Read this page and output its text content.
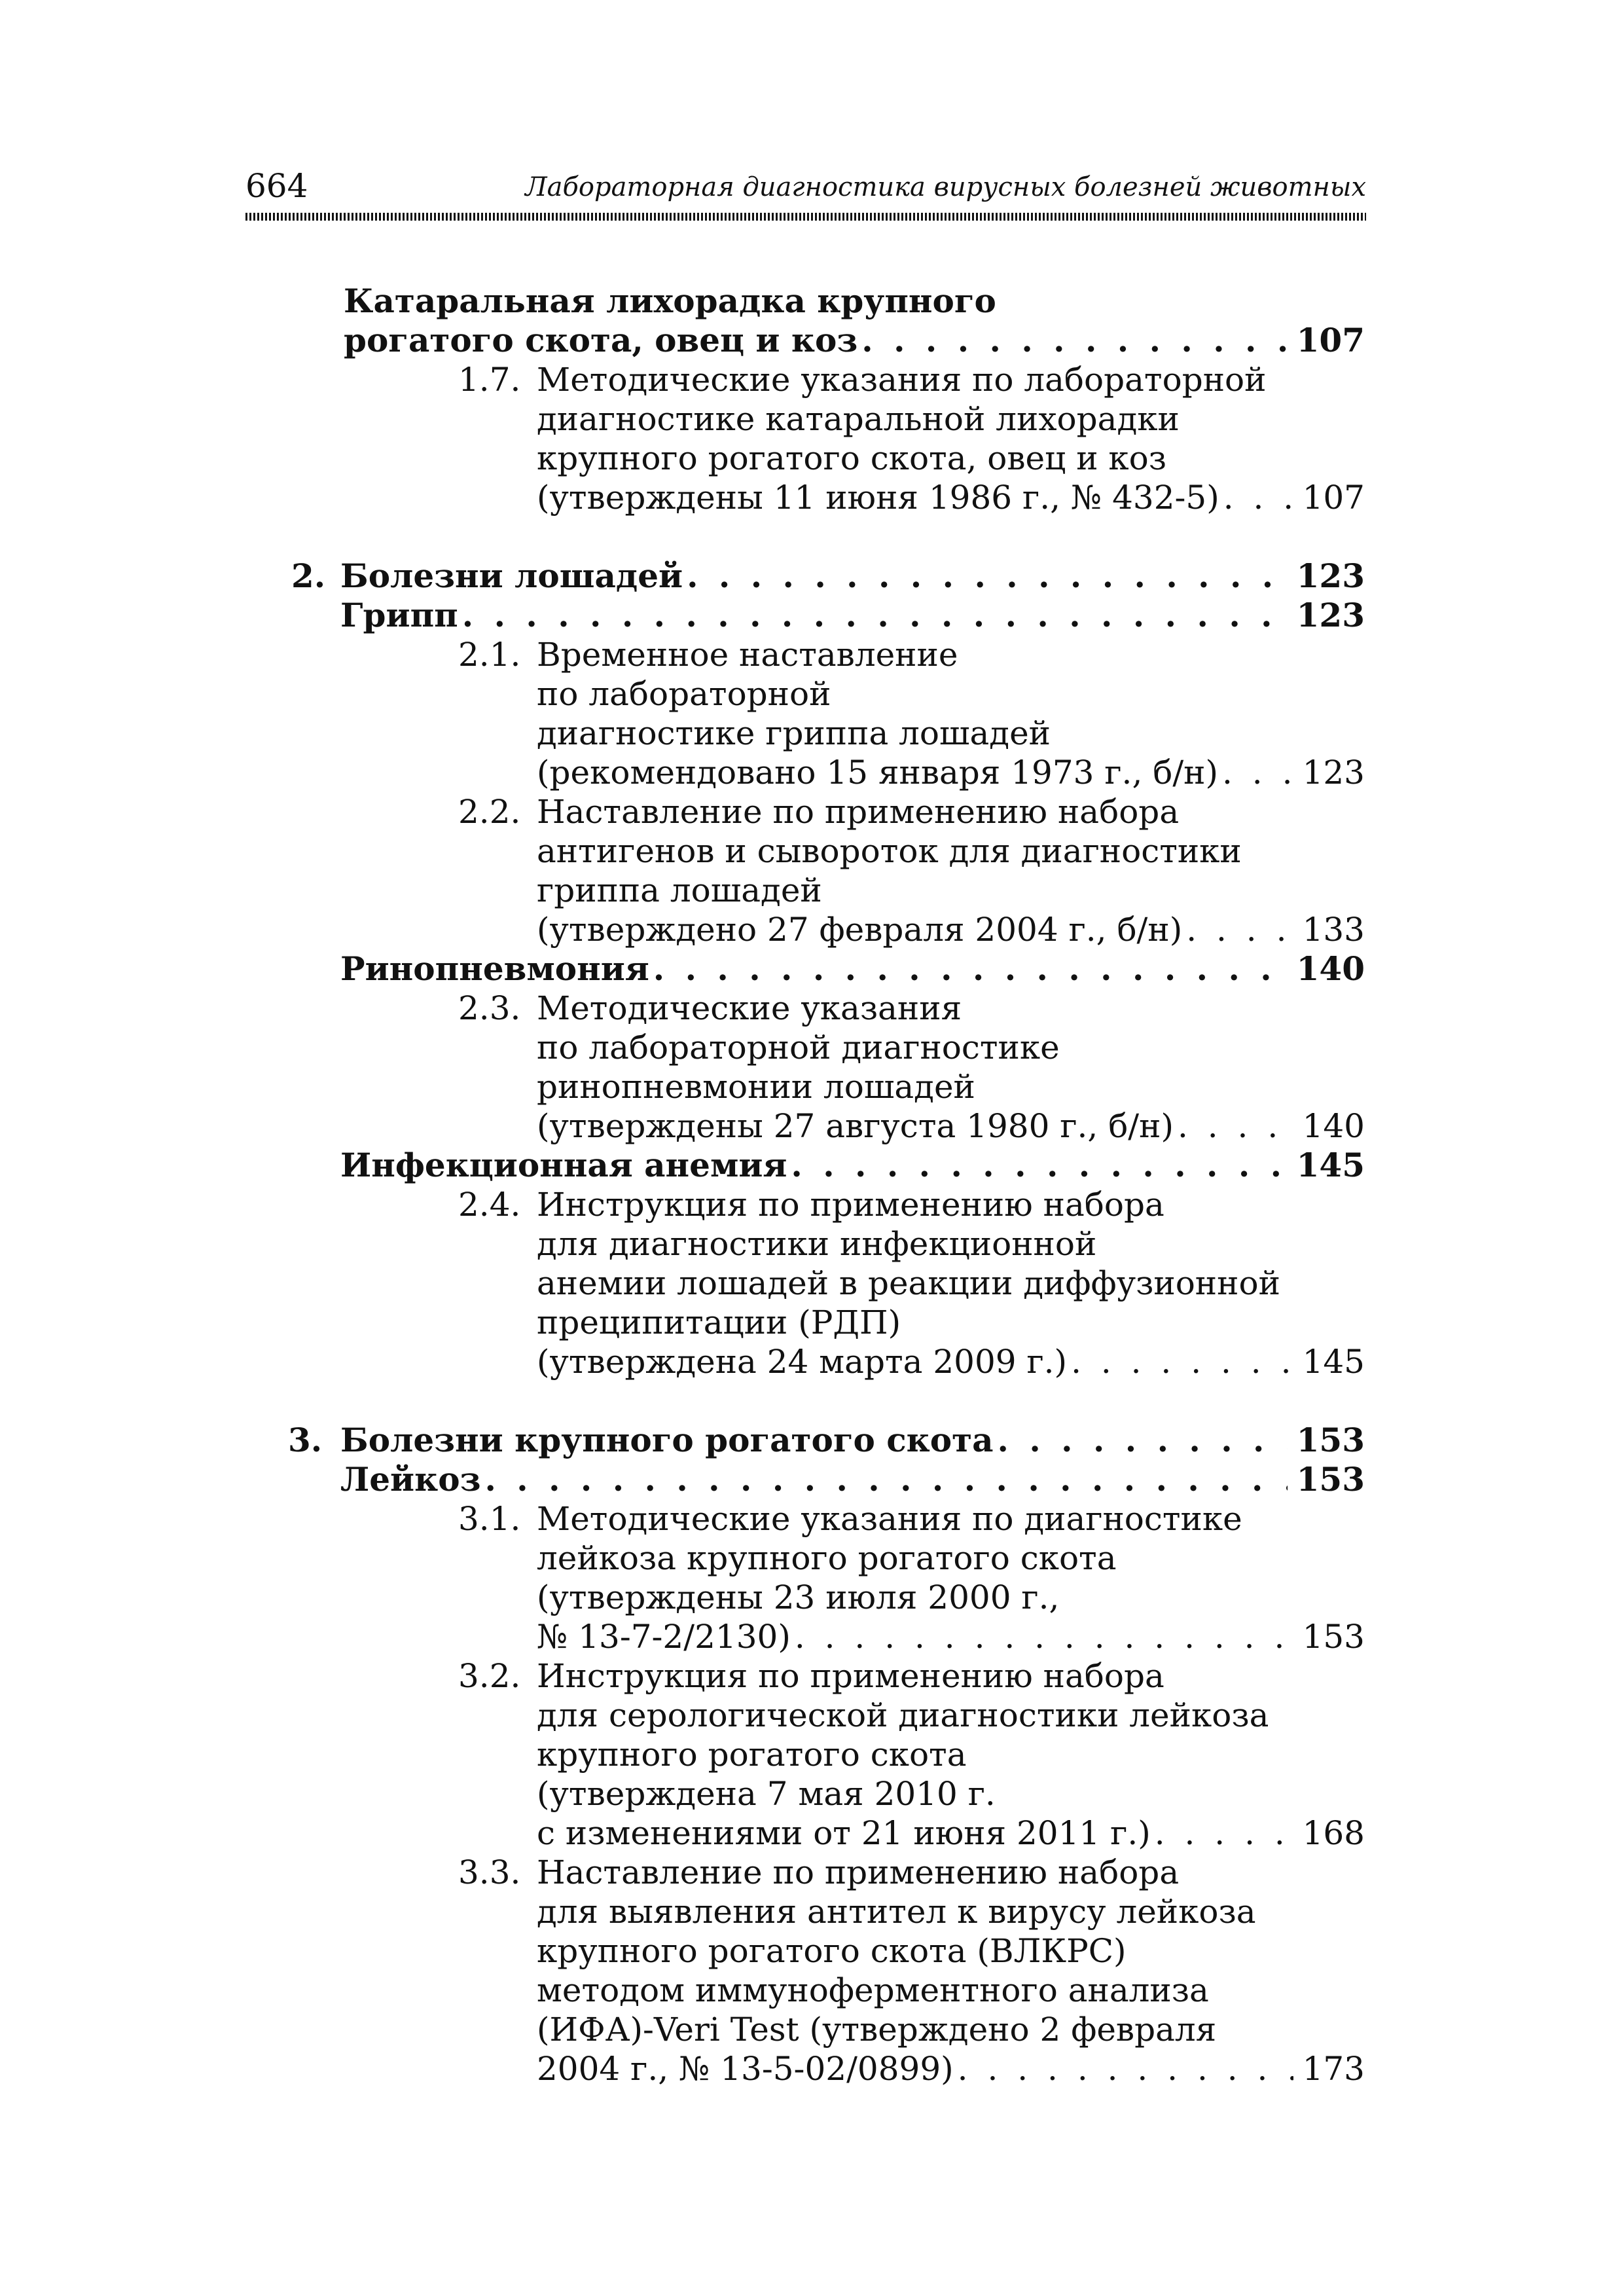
664	Лабораторная диагностика вирусных болезней животных
Катаральная лихорадка крупного
рогатого скота, овец и коз . . .	107
1.7. Методические указания по лабораторной
диагностике катаральной лихорадки
крупного рогатого скота, овец и коз
(утверждены 11 июня 1986 г., № 432-5) . . .	107
2. Болезни лошадей . . .	123
Грипп . . .	123
2.1. Временное наставление
по лабораторной
диагностике гриппа лошадей
(рекомендовано 15 января 1973 г., б/н) . . .	123
2.2. Наставление по применению набора
антигенов и сывороток для диагностики
гриппа лошадей
(утверждено 27 февраля 2004 г., б/н) . . .	133
Ринопневмония . . .	140
2.3. Методические указания
по лабораторной диагностике
ринопневмонии лошадей
(утверждены 27 августа 1980 г., б/н) . . .	140
Инфекционная анемия . . .	145
2.4. Инструкция по применению набора
для диагностики инфекционной
анемии лошадей в реакции диффузионной
преципитации (РДП)
(утверждена 24 марта 2009 г.) . . .	145
3. Болезни крупного рогатого скота . . .	153
Лейкоз . . .	153
3.1. Методические указания по диагностике
лейкоза крупного рогатого скота
(утверждены 23 июля 2000 г.,
№ 13-7-2/2130) . . .	153
3.2. Инструкция по применению набора
для серологической диагностики лейкоза
крупного рогатого скота
(утверждена 7 мая 2010 г.
с изменениями от 21 июня 2011 г.) . . .	168
3.3. Наставление по применению набора
для выявления антител к вирусу лейкоза
крупного рогатого скота (ВЛКРС)
методом иммуноферментного анализа
(ИФА)-Veri Test (утверждено 2 февраля
2004 г., № 13-5-02/0899) . . .	173
